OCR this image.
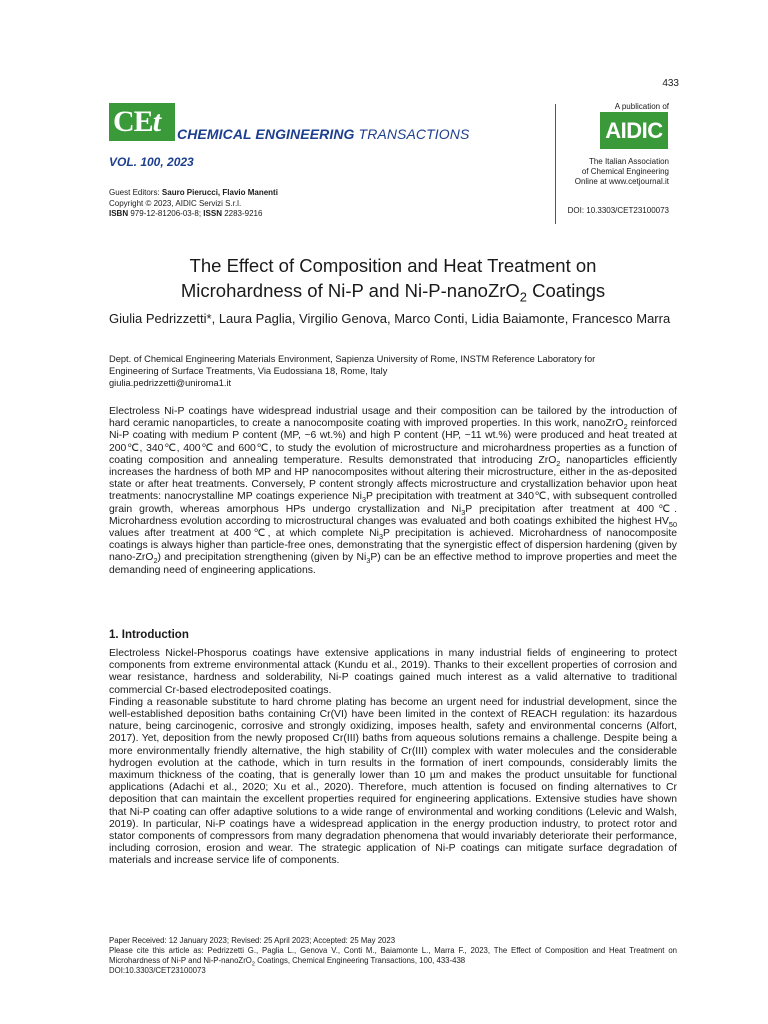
433
CEt CHEMICAL ENGINEERING TRANSACTIONS
VOL. 100, 2023
A publication of
AIDIC
The Italian Association
of Chemical Engineering
Online at www.cetjournal.it
Guest Editors: Sauro Pierucci, Flavio Manenti
Copyright © 2023, AIDIC Servizi S.r.l.
ISBN 979-12-81206-03-8; ISSN 2283-9216	DOI: 10.3303/CET23100073
The Effect of Composition and Heat Treatment on
Microhardness of Ni-P and Ni-P-nanoZrO$_2$ Coatings
Giulia Pedrizzetti*, Laura Paglia, Virgilio Genova, Marco Conti, Lidia Baiamonte, Francesco Marra
Dept. of Chemical Engineering Materials Environment, Sapienza University of Rome, INSTM Reference Laboratory for
Engineering of Surface Treatments, Via Eudossiana 18, Rome, Italy
giulia.pedrizzetti@uniroma1.it
Electroless Ni-P coatings have widespread industrial usage and their composition can be tailored by the introduction of hard ceramic nanoparticles, to create a nanocomposite coating with improved properties. In this work, nanoZrO$_2$ reinforced Ni-P coating with medium P content (MP, ~6 wt.%) and high P content (HP, ~11 wt.%) were produced and heat treated at 200℃, 340℃, 400℃ and 600℃, to study the evolution of microstructure and microhardness properties as a function of coating composition and annealing temperature. Results demonstrated that introducing ZrO$_2$ nanoparticles efficiently increases the hardness of both MP and HP nanocomposites without altering their microstructure, either in the as-deposited state or after heat treatments. Conversely, P content strongly affects microstructure and crystallization behavior upon heat treatments: nanocrystalline MP coatings experience $Ni_3P$ precipitation with treatment at 340℃, with subsequent controlled grain growth, whereas amorphous HPs undergo crystallization and $Ni_3P$ precipitation after treatment at 400℃. Microhardness evolution according to microstructural changes was evaluated and both coatings exhibited the highest $HV_{50}$ values after treatment at 400℃, at which complete $Ni_3P$ precipitation is achieved. Microhardness of nanocomposite coatings is always higher than particle-free ones, demonstrating that the synergistic effect of dispersion hardening (given by nano-ZrO$_2$) and precipitation strengthening (given by $Ni_3P$) can be an effective method to improve properties and meet the demanding need of engineering applications.
1. Introduction

Electroless Nickel-Phosporus coatings have extensive applications in many industrial fields of engineering to protect components from extreme environmental attack (Kundu et al., 2019). Thanks to their excellent properties of corrosion and wear resistance, hardness and solderability, Ni-P coatings gained much interest as a valid alternative to traditional commercial Cr-based electrodeposited coatings.

Finding a reasonable substitute to hard chrome plating has become an urgent need for industrial development, since the well-established deposition baths containing Cr(VI) have been limited in the context of REACH regulation: its hazardous nature, being carcinogenic, corrosive and strongly oxidizing, imposes health, safety and environmental concerns (Alfort, 2017). Yet, deposition from the newly proposed Cr(III) baths from aqueous solutions remains a challenge. Despite being a more environmentally friendly alternative, the high stability of Cr(III) complex with water molecules and the considerable hydrogen evolution at the cathode, which in turn results in the formation of inert compounds, considerably limits the maximum thickness of the coating, that is generally lower than 10 µm and makes the product unsuitable for functional applications (Adachi et al., 2020; Xu et al., 2020). Therefore, much attention is focused on finding alternatives to Cr deposition that can maintain the excellent properties required for engineering applications. Extensive studies have shown that Ni-P coating can offer adaptive solutions to a wide range of environmental and working conditions (Lelevic and Walsh, 2019). In particular, Ni-P coatings have a widespread application in the energy production industry, to protect rotor and stator components of compressors from many degradation phenomena that would invariably deteriorate their performance, including corrosion, erosion and wear. The strategic application of Ni-P coatings can mitigate surface degradation of materials and increase service life of components.

Paper Received: 12 January 2023; Revised: 25 April 2023; Accepted: 25 May 2023

Please cite this article as: Pedrizzetti G., Paglia L., Genova V., Conti M., Baiamonte L., Marra F., 2023, The Effect of Composition and Heat Treatment on Microhardness of Ni-P and Ni-P-nanoZrO$_2$ Coatings, Chemical Engineering Transactions, 100, 433-438

DOI:10.3303/CET23100073
